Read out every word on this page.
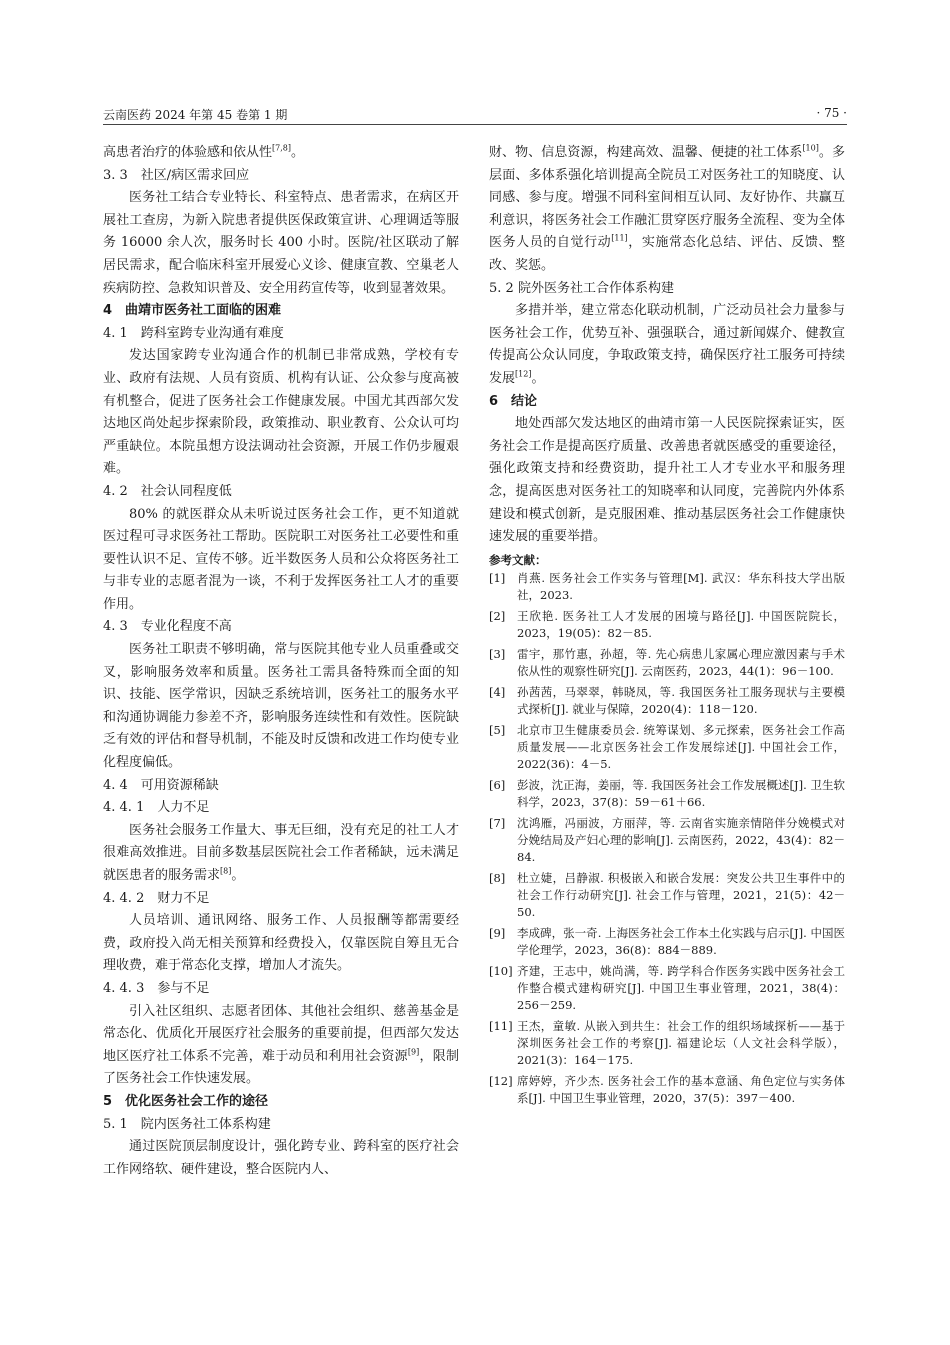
云南医药 2024 年第 45 卷第 1 期	· 75 ·

高患者治疗的体验感和依从性[7,8]。

3. 3　社区/病区需求回应

医务社工结合专业特长、科室特点、患者需求，在病区开展社工查房，为新入院患者提供医保政策宣讲、心理调适等服务 16000 余人次，服务时长 400 小时。医院/社区联动了解居民需求，配合临床科室开展爱心义诊、健康宣教、空巢老人疾病防控、急救知识普及、安全用药宣传等，收到显著效果。

4　曲靖市医务社工面临的困难

4. 1　跨科室跨专业沟通有难度

发达国家跨专业沟通合作的机制已非常成熟，学校有专业、政府有法规、人员有资质、机构有认证、公众参与度高被有机整合，促进了医务社会工作健康发展。中国尤其西部欠发达地区尚处起步探索阶段，政策推动、职业教育、公众认可均严重缺位。本院虽想方设法调动社会资源，开展工作仍步履艰难。

4. 2　社会认同程度低

80% 的就医群众从未听说过医务社会工作，更不知道就医过程可寻求医务社工帮助。医院职工对医务社工必要性和重要性认识不足、宣传不够。近半数医务人员和公众将医务社工与非专业的志愿者混为一谈，不利于发挥医务社工人才的重要作用。

4. 3　专业化程度不高

医务社工职责不够明确，常与医院其他专业人员重叠或交叉，影响服务效率和质量。医务社工需具备特殊而全面的知识、技能、医学常识，因缺乏系统培训，医务社工的服务水平和沟通协调能力参差不齐，影响服务连续性和有效性。医院缺乏有效的评估和督导机制，不能及时反馈和改进工作均使专业化程度偏低。

4. 4　可用资源稀缺

4. 4. 1　人力不足

医务社会服务工作量大、事无巨细，没有充足的社工人才很难高效推进。目前多数基层医院社会工作者稀缺，远未满足就医患者的服务需求[8]。

4. 4. 2　财力不足

人员培训、通讯网络、服务工作、人员报酬等都需要经费，政府投入尚无相关预算和经费投入，仅靠医院自筹且无合理收费，难于常态化支撑，增加人才流失。

4. 4. 3　参与不足

引入社区组织、志愿者团体、其他社会组织、慈善基金是常态化、优质化开展医疗社会服务的重要前提，但西部欠发达地区医疗社工体系不完善，难于动员和利用社会资源[9]，限制了医务社会工作快速发展。

5　优化医务社会工作的途径

5. 1　院内医务社工体系构建

通过医院顶层制度设计，强化跨专业、跨科室的医疗社会工作网络软、硬件建设，整合医院内人、

财、物、信息资源，构建高效、温馨、便捷的社工体系[10]。多层面、多体系强化培训提高全院员工对医务社工的知晓度、认同感、参与度。增强不同科室间相互认同、友好协作、共赢互利意识，将医务社会工作融汇贯穿医疗服务全流程、变为全体医务人员的自觉行动[11]，实施常态化总结、评估、反馈、整改、奖惩。

5. 2 院外医务社工合作体系构建

多措并举，建立常态化联动机制，广泛动员社会力量参与医务社会工作，优势互补、强强联合，通过新闻媒介、健教宣传提高公众认同度，争取政策支持，确保医疗社工服务可持续发展[12]。

6　结论

地处西部欠发达地区的曲靖市第一人民医院探索证实，医务社会工作是提高医疗质量、改善患者就医感受的重要途径，强化政策支持和经费资助，提升社工人才专业水平和服务理念，提高医患对医务社工的知晓率和认同度，完善院内外体系建设和模式创新，是克服困难、推动基层医务社会工作健康快速发展的重要举措。

参考文献：
[1] 肖燕. 医务社会工作实务与管理[M]. 武汉：华东科技大学出版社，2023.
[2] 王欣艳. 医务社工人才发展的困境与路径[J]. 中国医院院长，2023，19(05)：82－85.
[3] 雷宇，那竹惠，孙超，等. 先心病患儿家属心理应激因素与手术依从性的观察性研究[J]. 云南医药，2023，44(1)：96－100.
[4] 孙茜茜，马翠翠，韩晓凤，等. 我国医务社工服务现状与主要模式探析[J]. 就业与保障，2020(4)：118－120.
[5] 北京市卫生健康委员会. 统筹谋划、多元探索，医务社会工作高质量发展——北京医务社会工作发展综述[J]. 中国社会工作，2022(36)：4－5.
[6] 彭波，沈正海，姜丽，等. 我国医务社会工作发展概述[J]. 卫生软科学，2023，37(8)：59－61＋66.
[7] 沈鸿雁，冯丽波，方丽萍，等. 云南省实施亲情陪伴分娩模式对分娩结局及产妇心理的影响[J]. 云南医药，2022，43(4)：82－84.
[8] 杜立婕，吕静淑. 积极嵌入和嵌合发展：突发公共卫生事件中的社会工作行动研究[J]. 社会工作与管理，2021，21(5)：42－50.
[9] 李成碑，张一奇. 上海医务社会工作本土化实践与启示[J]. 中国医学伦理学，2023，36(8)：884－889.
[10] 齐建，王志中，姚尚满，等. 跨学科合作医务实践中医务社会工作整合模式建构研究[J]. 中国卫生事业管理，2021，38(4)：256－259.
[11] 王杰，童敏. 从嵌入到共生：社会工作的组织场域探析——基于深圳医务社会工作的考察[J]. 福建论坛（人文社会科学版），2021(3)：164－175.
[12] 席婷婷，齐少杰. 医务社会工作的基本意涵、角色定位与实务体系[J]. 中国卫生事业管理，2020，37(5)：397－400.
